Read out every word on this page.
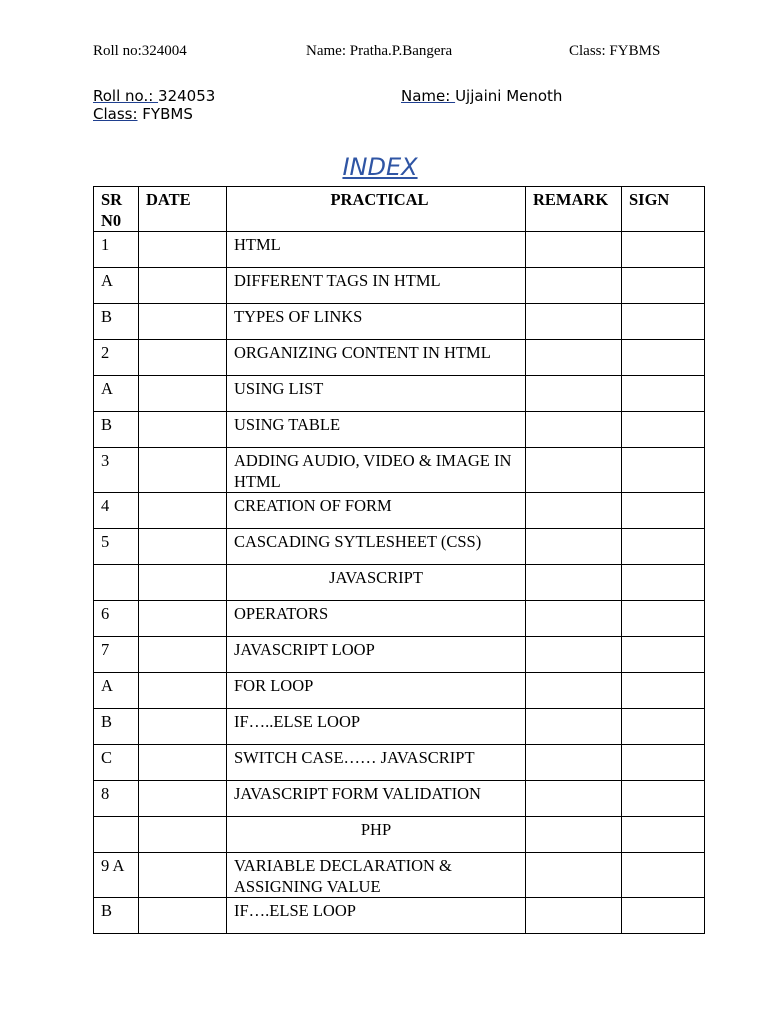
Roll no:324004	Name: Pratha.P.Bangera	Class: FYBMS
Roll no.: 324053	Name: Ujjaini Menoth
Class: FYBMS
INDEX
SR N0	DATE	PRACTICAL	REMARK	SIGN
1		HTML		
A		DIFFERENT TAGS IN HTML		
B		TYPES OF LINKS		
2		ORGANIZING CONTENT IN HTML		
A		USING LIST		
B		USING TABLE		
3		ADDING AUDIO, VIDEO & IMAGE IN HTML		
4		CREATION OF FORM		
5		CASCADING SYTLESHEET (CSS)		
		JAVASCRIPT		
6		OPERATORS		
7		JAVASCRIPT LOOP		
A		FOR LOOP		
B		IF…..ELSE LOOP		
C		SWITCH CASE…… JAVASCRIPT		
8		JAVASCRIPT FORM VALIDATION		
		PHP		
9 A		VARIABLE DECLARATION & ASSIGNING VALUE		
B		IF….ELSE LOOP		
